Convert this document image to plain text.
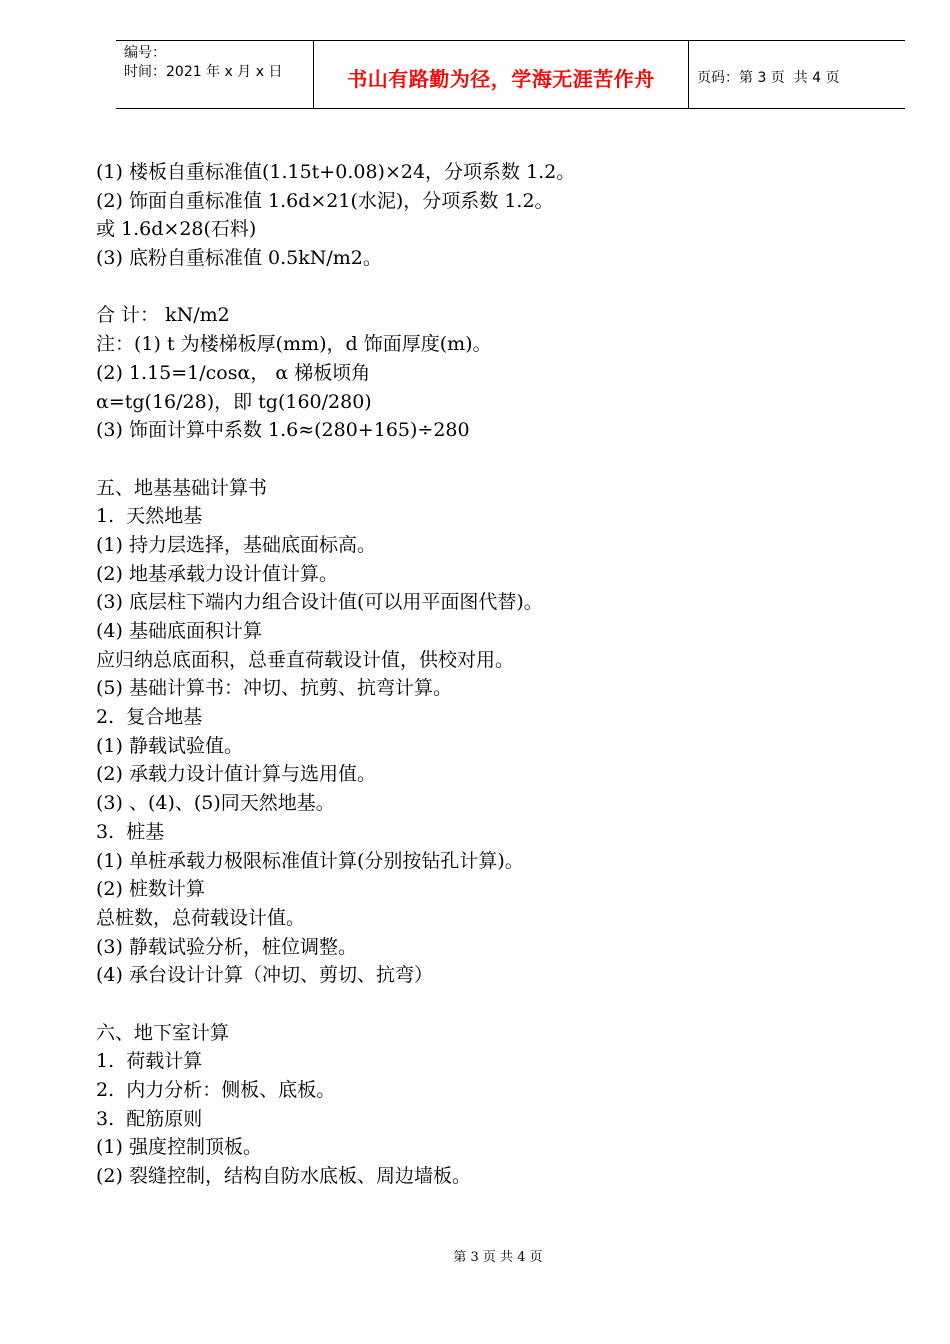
编号：
时间：2021 年 x 月 x 日	书山有路勤为径，学海无涯苦作舟	页码：第 3 页  共 4 页
(1) 楼板自重标准值(1.15t+0.08)×24，分项系数 1.2。
(2) 饰面自重标准值 1.6d×21(水泥)，分项系数 1.2。
或 1.6d×28(石料)
(3) 底粉自重标准值 0.5kN/m2。
合 计： kN/m2
注：(1) t 为楼梯板厚(mm)，d 饰面厚度(m)。
(2) 1.15=1/cosα， α 梯板顷角
α=tg(16/28)，即 tg(160/280)
(3) 饰面计算中系数 1.6≈(280+165)÷280
五、地基基础计算书
1.  天然地基
(1) 持力层选择，基础底面标高。
(2) 地基承载力设计值计算。
(3) 底层柱下端内力组合设计值(可以用平面图代替)。
(4) 基础底面积计算
应归纳总底面积，总垂直荷载设计值，供校对用。
(5) 基础计算书：冲切、抗剪、抗弯计算。
2.  复合地基
(1) 静载试验值。
(2) 承载力设计值计算与选用值。
(3) 、(4)、(5)同天然地基。
3.  桩基
(1) 单桩承载力极限标准值计算(分别按钻孔计算)。
(2) 桩数计算
总桩数，总荷载设计值。
(3) 静载试验分析，桩位调整。
(4) 承台设计计算（冲切、剪切、抗弯）
六、地下室计算
1.  荷载计算
2.  内力分析：侧板、底板。
3.  配筋原则
(1) 强度控制顶板。
(2) 裂缝控制，结构自防水底板、周边墙板。
第 3 页 共 4 页
